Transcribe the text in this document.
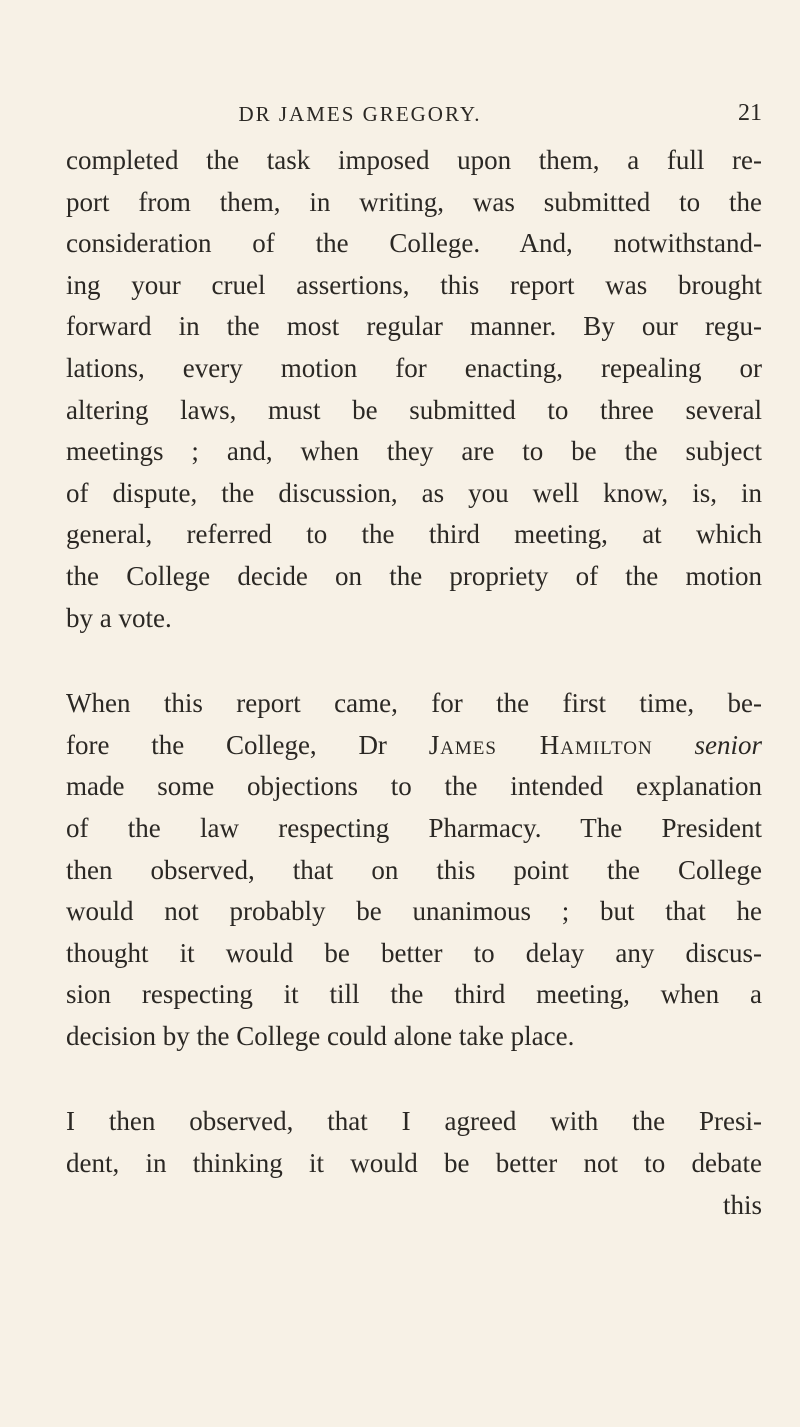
DR JAMES GREGORY.	21
completed the task imposed upon them, a full re-
port from them, in writing, was submitted to the
consideration of the College. And, notwithstand-
ing your cruel assertions, this report was brought
forward in the most regular manner. By our regu-
lations, every motion for enacting, repealing or
altering laws, must be submitted to three several
meetings ; and, when they are to be the subject
of dispute, the discussion, as you well know, is, in
general, referred to the third meeting, at which
the College decide on the propriety of the motion
by a vote.
When this report came, for the first time, be-
fore the College, Dr James Hamilton senior
made some objections to the intended explanation
of the law respecting Pharmacy. The President
then observed, that on this point the College
would not probably be unanimous ; but that he
thought it would be better to delay any discus-
sion respecting it till the third meeting, when a
decision by the College could alone take place.
I then observed, that I agreed with the Presi-
dent, in thinking it would be better not to debate
this
